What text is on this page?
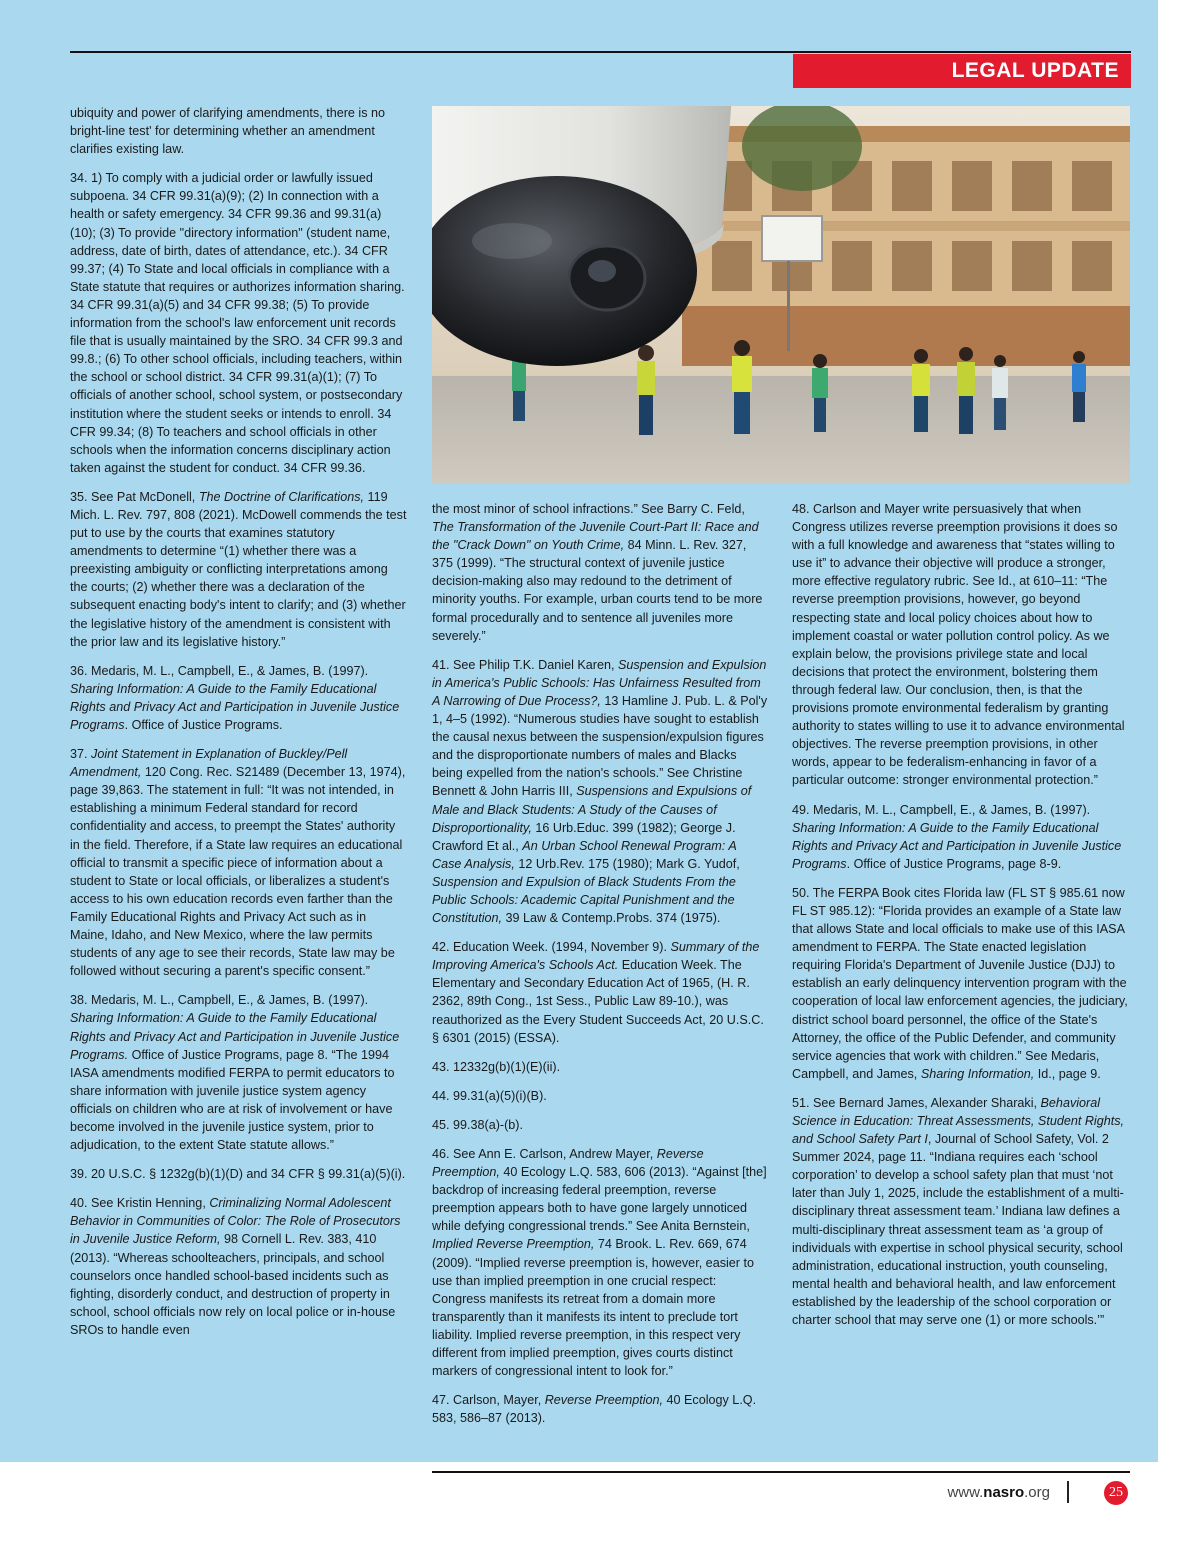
LEGAL UPDATE

ubiquity and power of clarifying amendments, there is no bright-line test' for determining whether an amendment clarifies existing law.

34. 1) To comply with a judicial order or lawfully issued subpoena. 34 CFR 99.31(a)(9); (2) In connection with a health or safety emergency. 34 CFR 99.36 and 99.31(a)(10); (3) To provide "directory information" (student name, address, date of birth, dates of attendance, etc.). 34 CFR 99.37; (4) To State and local officials in compliance with a State statute that requires or authorizes information sharing. 34 CFR 99.31(a)(5) and 34 CFR 99.38; (5) To provide information from the school's law enforcement unit records file that is usually maintained by the SRO. 34 CFR 99.3 and 99.8.; (6) To other school officials, including teachers, within the school or school district. 34 CFR 99.31(a)(1); (7) To officials of another school, school system, or postsecondary institution where the student seeks or intends to enroll. 34 CFR 99.34; (8) To teachers and school officials in other schools when the information concerns disciplinary action taken against the student for conduct. 34 CFR 99.36.

35. See Pat McDonell, The Doctrine of Clarifications, 119 Mich. L. Rev. 797, 808 (2021). McDowell commends the test put to use by the courts that examines statutory amendments to determine “(1) whether there was a preexisting ambiguity or conflicting interpretations among the courts; (2) whether there was a declaration of the subsequent enacting body's intent to clarify; and (3) whether the legislative history of the amendment is consistent with the prior law and its legislative history.”

36. Medaris, M. L., Campbell, E., & James, B. (1997). Sharing Information: A Guide to the Family Educational Rights and Privacy Act and Participation in Juvenile Justice Programs. Office of Justice Programs.

37. Joint Statement in Explanation of Buckley/Pell Amendment, 120 Cong. Rec. S21489 (December 13, 1974), page 39,863. The statement in full: “It was not intended, in establishing a minimum Federal standard for record confidentiality and access, to preempt the States' authority in the field. Therefore, if a State law requires an educational official to transmit a specific piece of information about a student to State or local officials, or liberalizes a student's access to his own education records even farther than the Family Educational Rights and Privacy Act such as in Maine, Idaho, and New Mexico, where the law permits students of any age to see their records, State law may be followed without securing a parent's specific consent.”

38. Medaris, M. L., Campbell, E., & James, B. (1997). Sharing Information: A Guide to the Family Educational Rights and Privacy Act and Participation in Juvenile Justice Programs. Office of Justice Programs, page 8. “The 1994 IASA amendments modified FERPA to permit educators to share information with juvenile justice system agency officials on children who are at risk of involvement or have become involved in the juvenile justice system, prior to adjudication, to the extent State statute allows.”

39. 20 U.S.C. § 1232g(b)(1)(D) and 34 CFR § 99.31(a)(5)(i).

40. See Kristin Henning, Criminalizing Normal Adolescent Behavior in Communities of Color: The Role of Prosecutors in Juvenile Justice Reform, 98 Cornell L. Rev. 383, 410 (2013). “Whereas schoolteachers, principals, and school counselors once handled school-based incidents such as fighting, disorderly conduct, and destruction of property in school, school officials now rely on local police or in-house SROs to handle even

the most minor of school infractions.” See Barry C. Feld, The Transformation of the Juvenile Court-Part II: Race and the "Crack Down" on Youth Crime, 84 Minn. L. Rev. 327, 375 (1999). “The structural context of juvenile justice decision-making also may redound to the detriment of minority youths. For example, urban courts tend to be more formal procedurally and to sentence all juveniles more severely.”

41. See Philip T.K. Daniel Karen, Suspension and Expulsion in America's Public Schools: Has Unfairness Resulted from A Narrowing of Due Process?, 13 Hamline J. Pub. L. & Pol'y 1, 4–5 (1992). “Numerous studies have sought to establish the causal nexus between the suspension/expulsion figures and the disproportionate numbers of males and Blacks being expelled from the nation's schools.” See Christine Bennett & John Harris III, Suspensions and Expulsions of Male and Black Students: A Study of the Causes of Disproportionality, 16 Urb.Educ. 399 (1982); George J. Crawford Et al., An Urban School Renewal Program: A Case Analysis, 12 Urb.Rev. 175 (1980); Mark G. Yudof, Suspension and Expulsion of Black Students From the Public Schools: Academic Capital Punishment and the Constitution, 39 Law & Contemp.Probs. 374 (1975).

42. Education Week. (1994, November 9). Summary of the Improving America's Schools Act. Education Week. The Elementary and Secondary Education Act of 1965, (H. R. 2362, 89th Cong., 1st Sess., Public Law 89-10.), was reauthorized as the Every Student Succeeds Act, 20 U.S.C. § 6301 (2015) (ESSA).

43. 12332g(b)(1)(E)(ii).

44. 99.31(a)(5)(i)(B).

45. 99.38(a)-(b).

46. See Ann E. Carlson, Andrew Mayer, Reverse Preemption, 40 Ecology L.Q. 583, 606 (2013). “Against [the] backdrop of increasing federal preemption, reverse preemption appears both to have gone largely unnoticed while defying congressional trends.” See Anita Bernstein, Implied Reverse Preemption, 74 Brook. L. Rev. 669, 674 (2009). “Implied reverse preemption is, however, easier to use than implied preemption in one crucial respect: Congress manifests its retreat from a domain more transparently than it manifests its intent to preclude tort liability. Implied reverse preemption, in this respect very different from implied preemption, gives courts distinct markers of congressional intent to look for.”

47. Carlson, Mayer, Reverse Preemption, 40 Ecology L.Q. 583, 586–87 (2013).

48. Carlson and Mayer write persuasively that when Congress utilizes reverse preemption provisions it does so with a full knowledge and awareness that “states willing to use it” to advance their objective will produce a stronger, more effective regulatory rubric. See Id., at 610–11: “The reverse preemption provisions, however, go beyond respecting state and local policy choices about how to implement coastal or water pollution control policy. As we explain below, the provisions privilege state and local decisions that protect the environment, bolstering them through federal law. Our conclusion, then, is that the provisions promote environmental federalism by granting authority to states willing to use it to advance environmental objectives. The reverse preemption provisions, in other words, appear to be federalism-enhancing in favor of a particular outcome: stronger environmental protection.”

49. Medaris, M. L., Campbell, E., & James, B. (1997). Sharing Information: A Guide to the Family Educational Rights and Privacy Act and Participation in Juvenile Justice Programs. Office of Justice Programs, page 8-9.

50. The FERPA Book cites Florida law (FL ST § 985.61 now FL ST 985.12): “Florida provides an example of a State law that allows State and local officials to make use of this IASA amendment to FERPA. The State enacted legislation requiring Florida's Department of Juvenile Justice (DJJ) to establish an early delinquency intervention program with the cooperation of local law enforcement agencies, the judiciary, district school board personnel, the office of the State's Attorney, the office of the Public Defender, and community service agencies that work with children.” See Medaris, Campbell, and James, Sharing Information, Id., page 9.

51. See Bernard James, Alexander Sharaki, Behavioral Science in Education: Threat Assessments, Student Rights, and School Safety Part I, Journal of School Safety, Vol. 2 Summer 2024, page 11. “Indiana requires each ‘school corporation’ to develop a school safety plan that must ‘not later than July 1, 2025, include the establishment of a multi-disciplinary threat assessment team.’ Indiana law defines a multi-disciplinary threat assessment team as ‘a group of individuals with expertise in school physical security, school administration, educational instruction, youth counseling, mental health and behavioral health, and law enforcement established by the leadership of the school corporation or charter school that may serve one (1) or more schools.’”

www.nasro.org	25
